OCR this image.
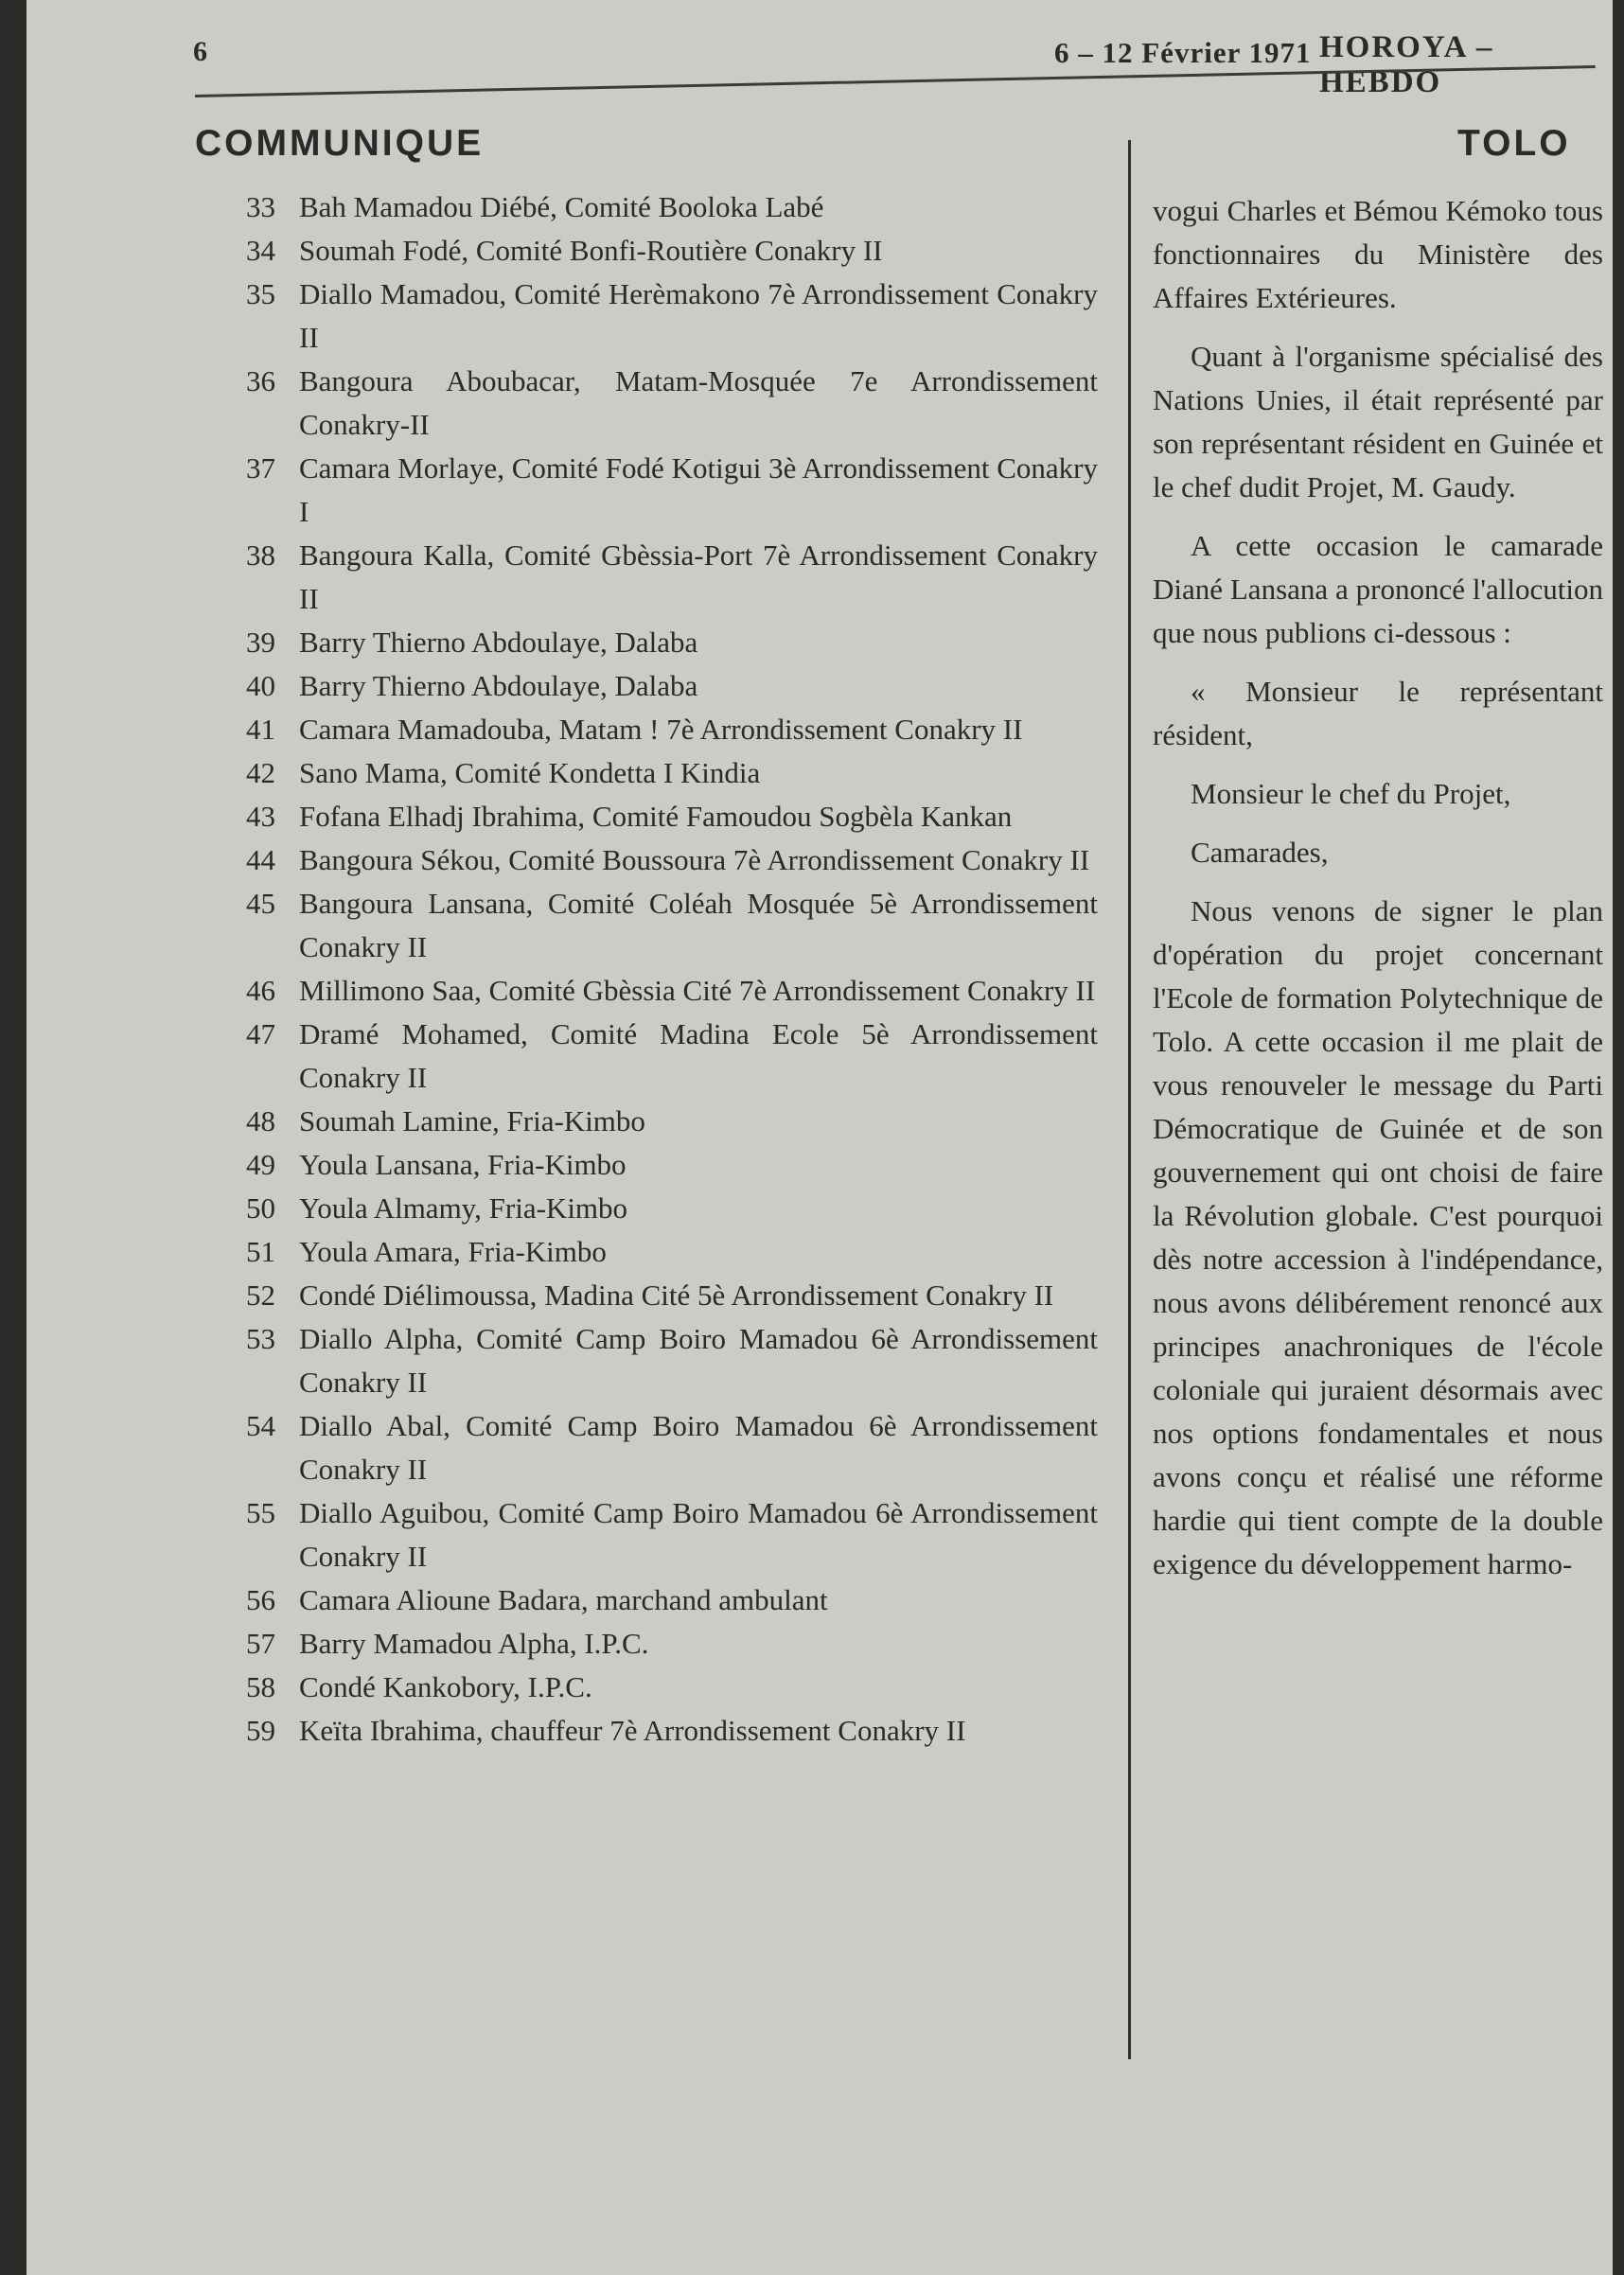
6	6 – 12 Février 1971 HOROYA – HEBDO
COMMUNIQUE	TOLO
33 Bah Mamadou Diébé, Comité Booloka Labé
34 Soumah Fodé, Comité Bonfi-Routière Conakry II
35 Diallo Mamadou, Comité Herèmakono 7è Arrondissement Conakry II
36 Bangoura Aboubacar, Matam-Mosquée 7e Arrondissement Conakry-II
37 Camara Morlaye, Comité Fodé Kotigui 3è Arrondissement Conakry I
38 Bangoura Kalla, Comité Gbèssia-Port 7è Arrondissement Conakry II
39 Barry Thierno Abdoulaye, Dalaba
40 Barry Thierno Abdoulaye, Dalaba
41 Camara Mamadouba, Matam ! 7è Arrondissement Conakry II
42 Sano Mama, Comité Kondetta I Kindia
43 Fofana Elhadj Ibrahima, Comité Famoudou Sogbèla Kankan
44 Bangoura Sékou, Comité Boussoura 7è Arrondissement Conakry II
45 Bangoura Lansana, Comité Coléah Mosquée 5è Arrondissement Conakry II
46 Millimono Saa, Comité Gbèssia Cité 7è Arrondissement Conakry II
47 Dramé Mohamed, Comité Madina Ecole 5è Arrondissement Conakry II
48 Soumah Lamine, Fria-Kimbo
49 Youla Lansana, Fria-Kimbo
50 Youla Almamy, Fria-Kimbo
51 Youla Amara, Fria-Kimbo
52 Condé Diélimoussa, Madina Cité 5è Arrondissement Conakry II
53 Diallo Alpha, Comité Camp Boiro Mamadou 6è Arrondissement Conakry II
54 Diallo Abal, Comité Camp Boiro Mamadou 6è Arrondissement Conakry II
55 Diallo Aguibou, Comité Camp Boiro Mamadou 6è Arrondissement Conakry II
56 Camara Alioune Badara, marchand ambulant
57 Barry Mamadou Alpha, I.P.C.
58 Condé Kankobory, I.P.C.
59 Keïta Ibrahima, chauffeur 7è Arrondissement Conakry II

vogui Charles et Bémou Kémoko tous fonctionnaires du Ministère des Affaires Extérieures.

Quant à l'organisme spécialisé des Nations Unies, il était représenté par son représentant résident en Guinée et le chef dudit Projet, M. Gaudy.

A cette occasion le camarade Diané Lansana a prononcé l'allocution que nous publions ci-dessous :

« Monsieur le représentant résident,

Monsieur le chef du Projet,

Camarades,

Nous venons de signer le plan d'opération du projet concernant l'Ecole de formation Polytechnique de Tolo. A cette occasion il me plait de vous renouveler le message du Parti Démocratique de Guinée et de son gouvernement qui ont choisi de faire la Révolution globale. C'est pourquoi dès notre accession à l'indépendance, nous avons délibérement renoncé aux principes anachroniques de l'école coloniale qui juraient désormais avec nos options fondamentales et nous avons conçu et réalisé une réforme hardie qui tient compte de la double exigence du développement harmo-
